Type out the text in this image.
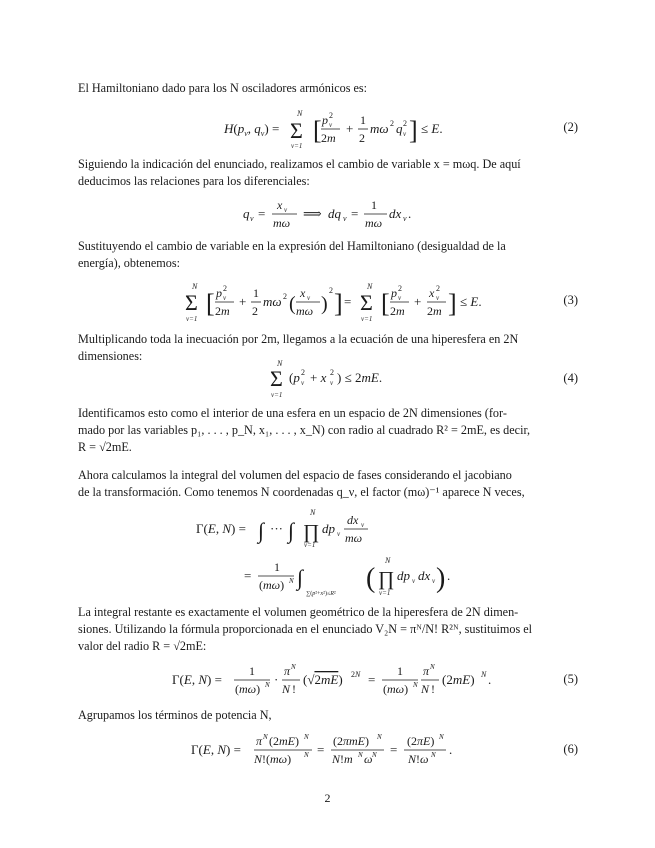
El Hamiltoniano dado para los N osciladores armónicos es:

$H(p_\nu$, $q_\nu$) =
N
Σ
ν=1
[ p 2
ν
2m
+
1
2
mω 2 q 2
ν ] ≤ E.	(2)

Siguiendo la indicación del enunciado, realizamos el cambio de variable x = mωq. De aquí

deducimos las relaciones para los diferenciales:

q ν =
x ν
mω
⟹ dq ν =
1
mω
dx ν .

Sustituyendo el cambio de variable en la expresión del Hamiltoniano (desigualdad de la

energía), obtenemos:

N
Σ
ν=1
[ p 2
ν
2m
+
1
2
mω 2 ( x ν
mω )
2 ] =
N
Σ
ν=1
[ p 2
ν
2m
+
x 2
ν
2m ] ≤ E.	(3)

Multiplicando toda la inecuación por 2m, llegamos a la ecuación de una hiperesfera en 2N

dimensiones:

N
Σ
ν=1
(p 2
ν + x 2
ν ) ≤ 2mE.	(4)

Identificamos esto como el interior de una esfera en un espacio de 2N dimensiones (for-

mado por las variables p₁, . . . , p_N, x₁, . . . , x_N) con radio al cuadrado R² = 2mE, es decir,

R = √2mE.

Ahora calculamos la integral del volumen del espacio de fases considerando el jacobiano

de la transformación. Como tenemos N coordenadas q_ν, el factor (mω)⁻¹ aparece N veces,

Γ(E, N) = ∫ ··· ∫
N
∏
ν=1
dp ν
dx ν
mω
=
1
(mω) N ∫
∑(p²+x²)≤R² (
N
∏
ν=1
dp ν dx ν ) .

La integral restante es exactamente el volumen geométrico de la hiperesfera de 2N dimen-

siones. Utilizando la fórmula proporcionada en el enunciado V₂N = πᴺ/N! R²ᴺ, sustituimos el

valor del radio R = √2mE:

Γ(E, N) =
1
(mω) N ·
π N
N !
(√2mE) 2N =
1
(mω) N
π N
N !
(2mE) N .	(5)

Agrupamos los términos de potencia N,

Γ(E, N) =
π N (2mE) N
N!(mω) N =
(2πmE) N
N!m N ω N =
(2πE) N
N!ω N .	(6)
2
